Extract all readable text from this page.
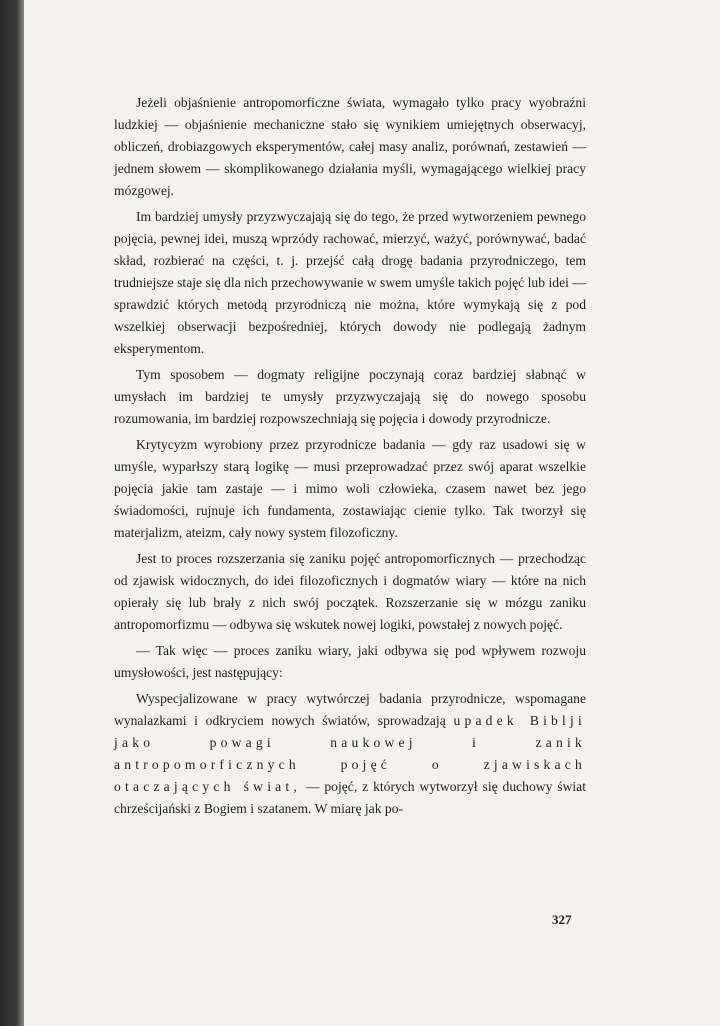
Jeżeli objaśnienie antropomorficzne świata, wymagało tylko pracy wyobraźni ludzkiej — objaśnienie mechaniczne stało się wynikiem umiejętnych obserwacyj, obliczeń, drobiazgowych eksperymentów, całej masy analiz, porównań, zestawień — jednem słowem — skomplikowanego działania myśli, wymagającego wielkiej pracy mózgowej.

Im bardziej umysły przyzwyczajają się do tego, że przed wytworzeniem pewnego pojęcia, pewnej idei, muszą wprzódy rachować, mierzyć, ważyć, porównywać, badać skład, rozbierać na części, t. j. przejść całą drogę badania przyrodniczego, tem trudniejsze staje się dla nich przechowywanie w swem umyśle takich pojęć lub idei — sprawdzić których metodą przyrodniczą nie można, które wymykają się z pod wszelkiej obserwacji bezpośredniej, których dowody nie podlegają żadnym eksperymentom.

Tym sposobem — dogmaty religijne poczynają coraz bardziej słabnąć w umysłach im bardziej te umysły przyzwyczajają się do nowego sposobu rozumowania, im bardziej rozpowszechniają się pojęcia i dowody przyrodnicze.

Krytycyzm wyrobiony przez przyrodnicze badania — gdy raz usadowi się w umyśle, wyparłszy starą logikę — musi przeprowadzać przez swój aparat wszelkie pojęcia jakie tam zastaje — i mimo woli człowieka, czasem nawet bez jego świadomości, rujnuje ich fundamenta, zostawiając cienie tylko. Tak tworzył się materjalizm, ateizm, cały nowy system filozoficzny.

Jest to proces rozszerzania się zaniku pojęć antropomorficznych — przechodząc od zjawisk widocznych, do idei filozoficznych i dogmatów wiary — które na nich opierały się lub brały z nich swój początek. Rozszerzanie się w mózgu zaniku antropomorfizmu — odbywa się wskutek nowej logiki, powstałej z nowych pojęć.

— Tak więc — proces zaniku wiary, jaki odbywa się pod wpływem rozwoju umysłowości, jest następujący:

Wyspecjalizowane w pracy wytwórczej badania przyrodnicze, wspomagane wynalazkami i odkryciem nowych światów, sprowadzają upadek Biblji jako powagi naukowej i zanik antropomorficznych pojęć o zjawiskach otaczających świat, — pojęć, z których wytworzył się duchowy świat chrześcijański z Bogiem i szatanem. W miarę jak po-

327
